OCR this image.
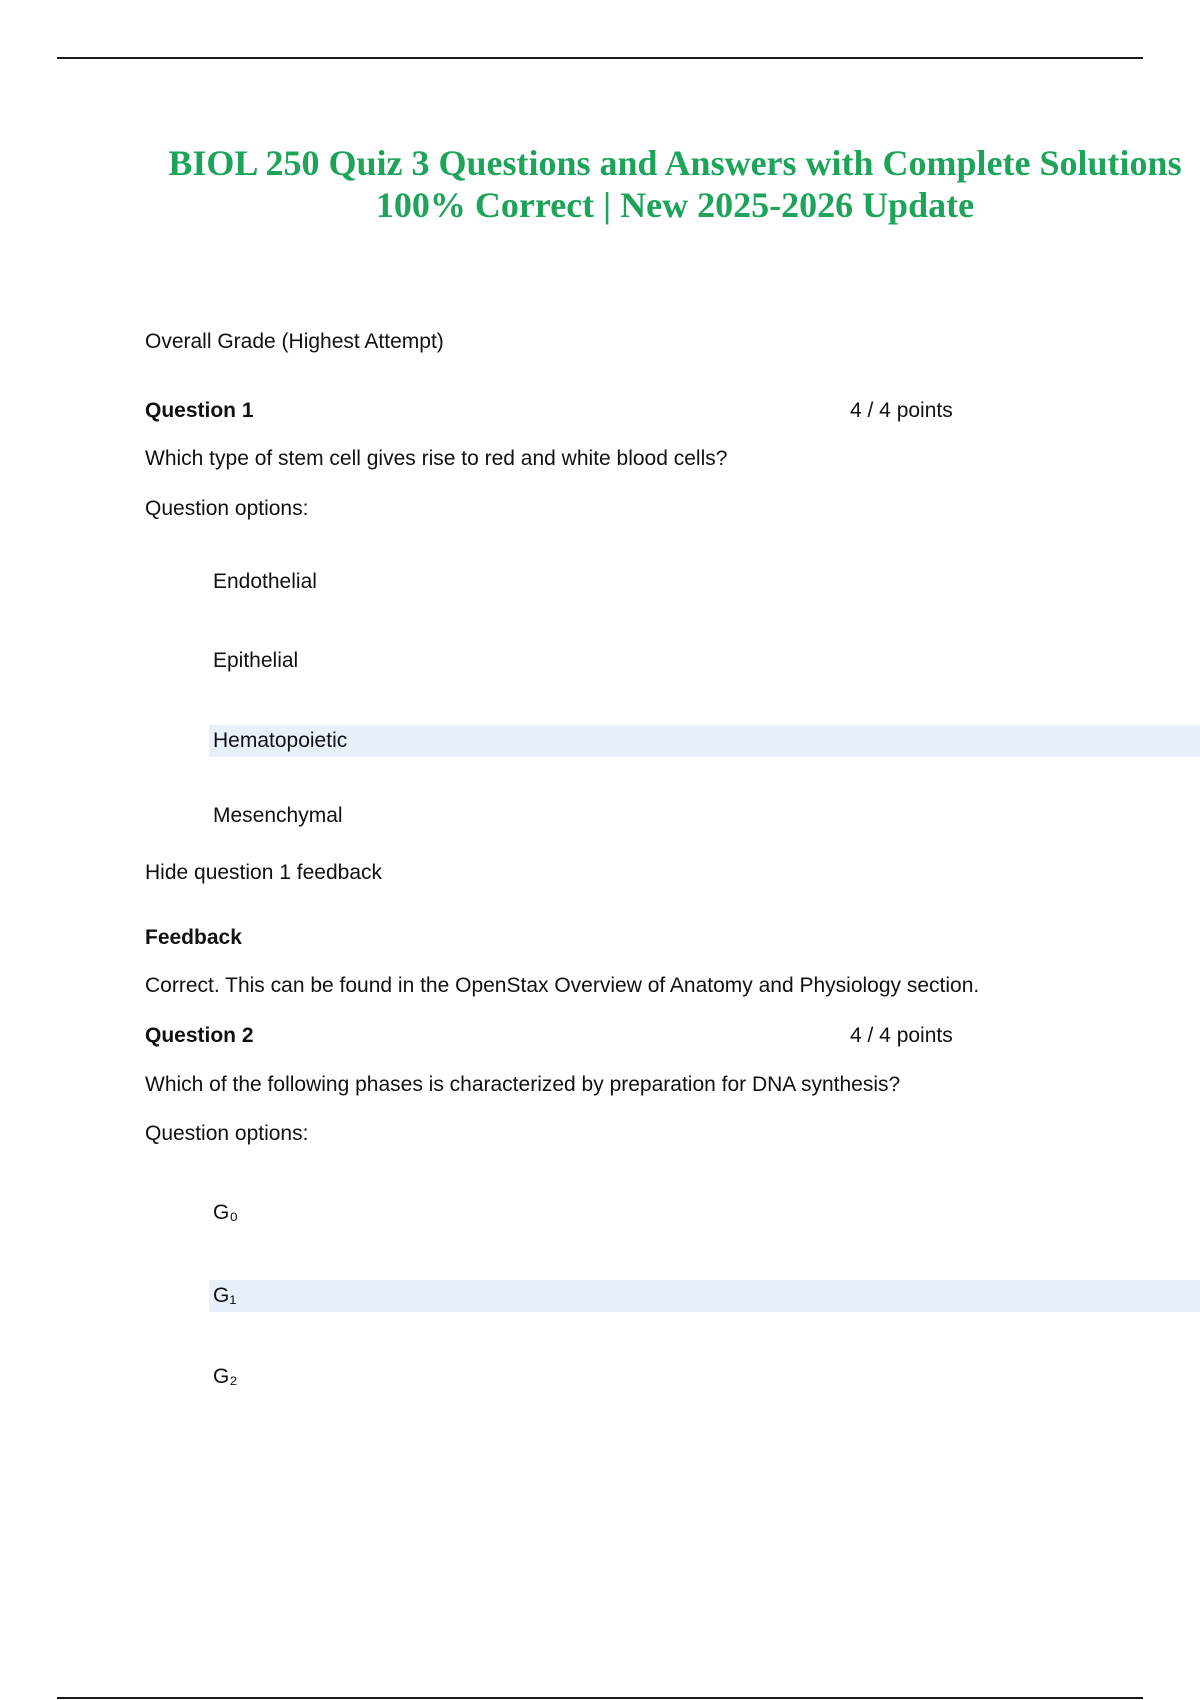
BIOL 250 Quiz 3 Questions and Answers with Complete Solutions
100% Correct | New 2025-2026 Update
Overall Grade (Highest Attempt)
Question 1	4 / 4 points
Which type of stem cell gives rise to red and white blood cells?
Question options:
Endothelial
Epithelial
Hematopoietic
Mesenchymal
Hide question 1 feedback
Feedback
Correct. This can be found in the OpenStax Overview of Anatomy and Physiology section.
Question 2	4 / 4 points
Which of the following phases is characterized by preparation for DNA synthesis?
Question options:
G₀
G₁
G₂
